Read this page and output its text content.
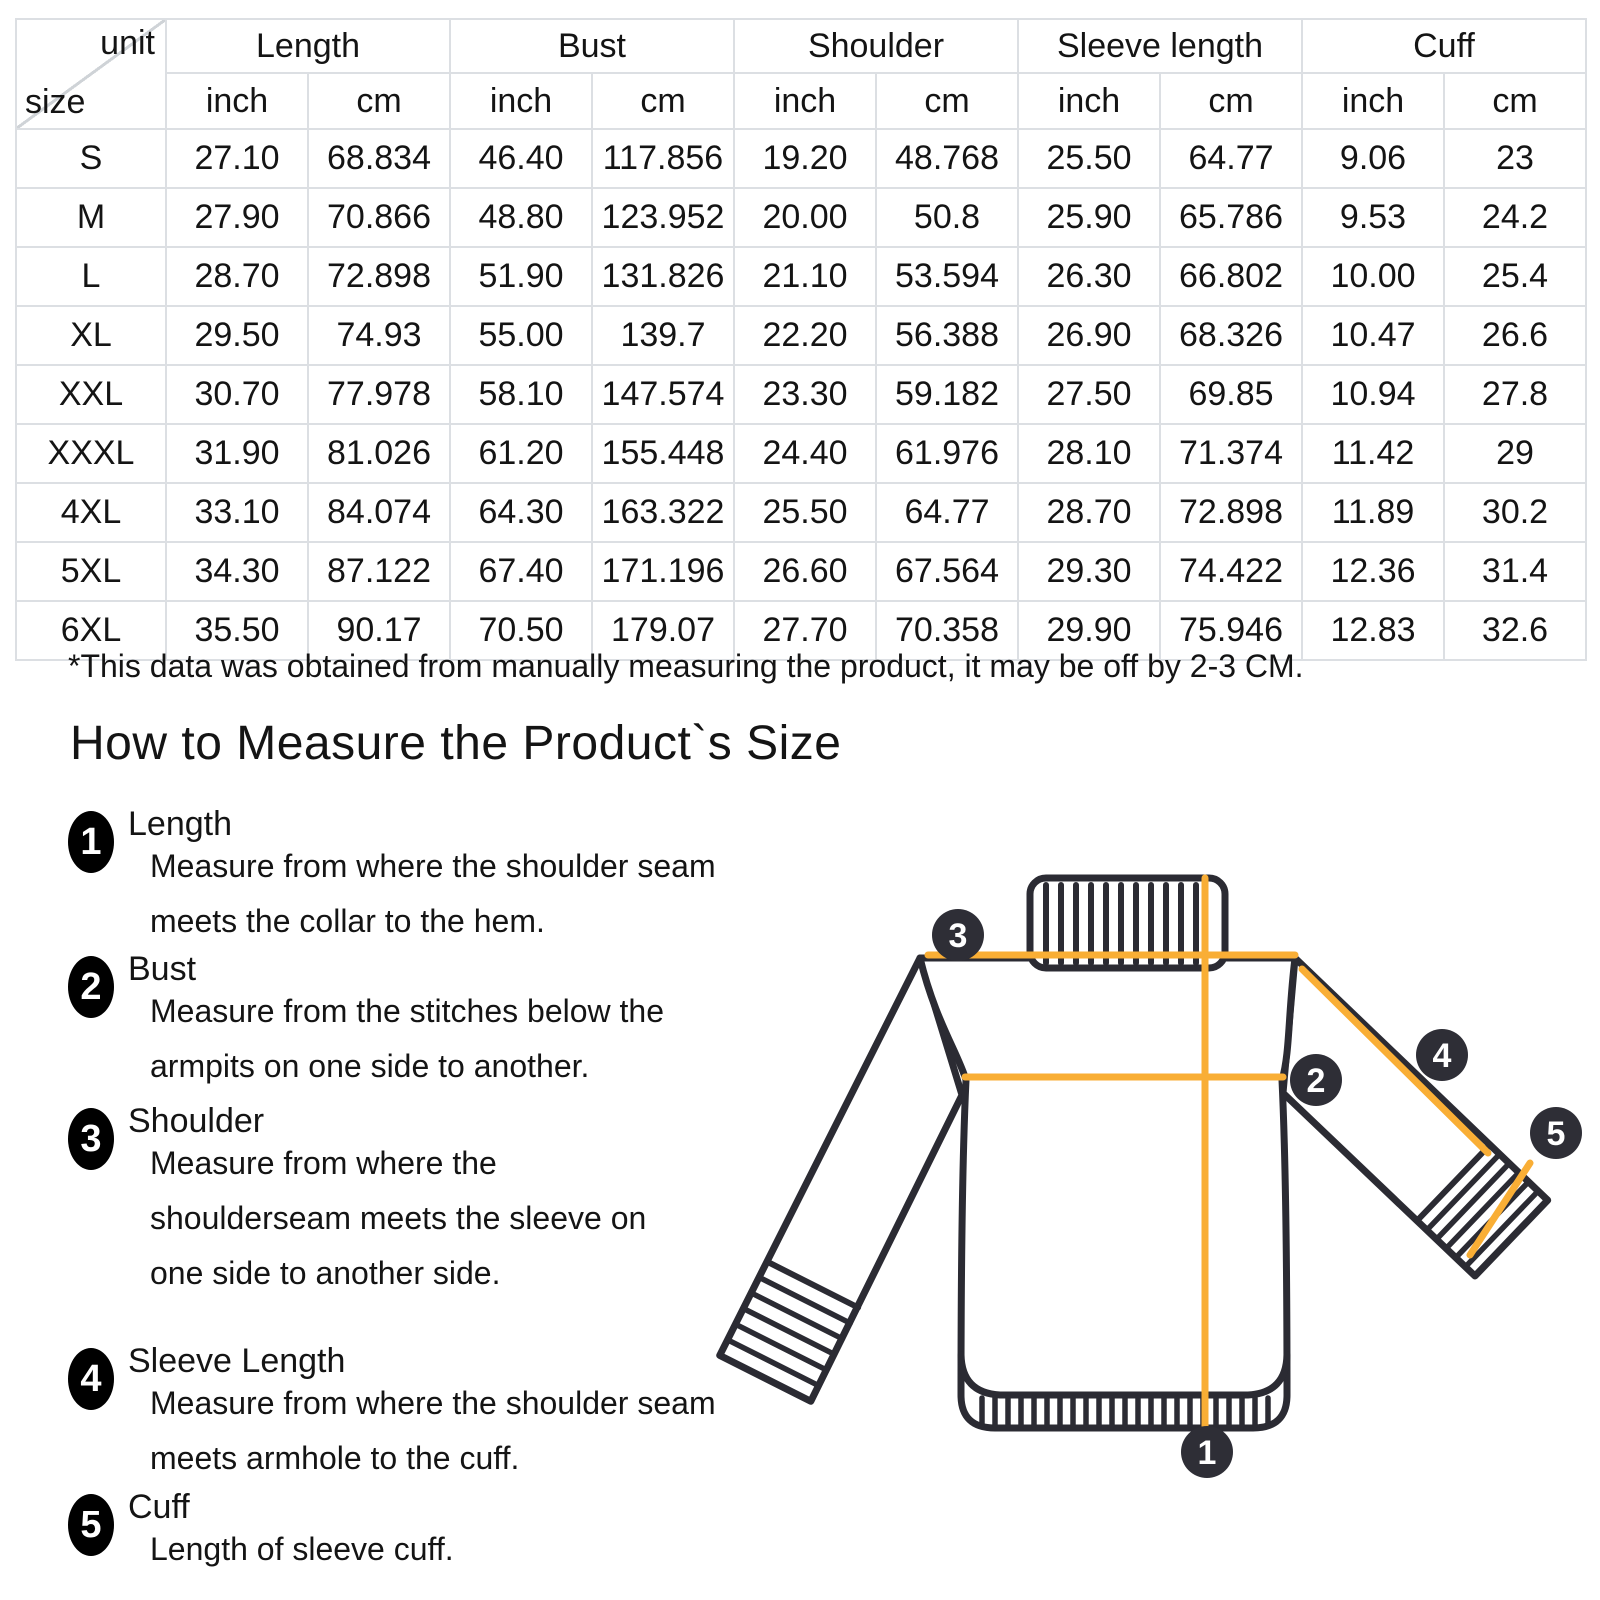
unit
size	Length		Bust		Shoulder		Sleeve length		Cuff	
	inch	cm	inch	cm	inch	cm	inch	cm	inch	cm
S	27.10	68.834	46.40	117.856	19.20	48.768	25.50	64.77	9.06	23
M	27.90	70.866	48.80	123.952	20.00	50.8	25.90	65.786	9.53	24.2
L	28.70	72.898	51.90	131.826	21.10	53.594	26.30	66.802	10.00	25.4
XL	29.50	74.93	55.00	139.7	22.20	56.388	26.90	68.326	10.47	26.6
XXL	30.70	77.978	58.10	147.574	23.30	59.182	27.50	69.85	10.94	27.8
XXXL	31.90	81.026	61.20	155.448	24.40	61.976	28.10	71.374	11.42	29
4XL	33.10	84.074	64.30	163.322	25.50	64.77	28.70	72.898	11.89	30.2
5XL	34.30	87.122	67.40	171.196	26.60	67.564	29.30	74.422	12.36	31.4
6XL	35.50	90.17	70.50	179.07	27.70	70.358	29.90	75.946	12.83	32.6
*This data was obtained from manually measuring the product, it may be off by 2-3 CM.
How to Measure the Product`s Size
1 Length
Measure from where the shoulder seam
meets the collar to the hem.
2 Bust
Measure from the stitches below the
armpits on one side to another.
3 Shoulder
Measure from where the
shoulderseam meets the sleeve on
one side to another side.
4 Sleeve Length
Measure from where the shoulder seam
meets armhole to the cuff.
5 Cuff
Length of sleeve cuff.
3
2
4
5
1
